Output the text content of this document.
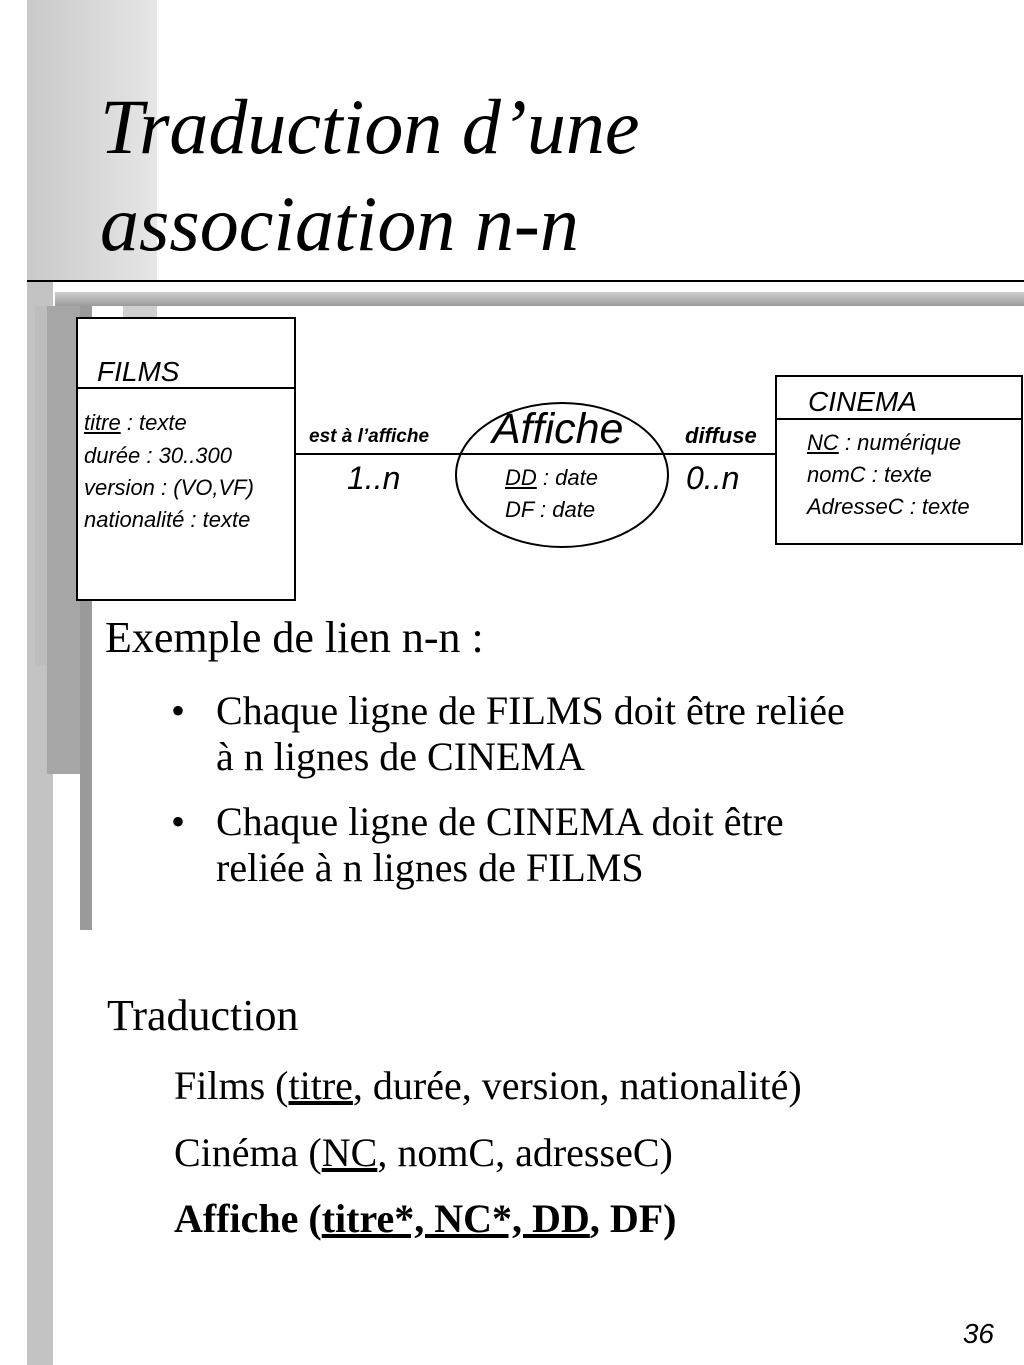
Traduction d’une
association n-n
FILMS
titre : texte
durée : 30..300
version : (VO,VF)
nationalité : texte
est à l’affiche
1..n
diffuse
0..n
Affiche
DD : date
DF : date
CINEMA
NC : numérique
nomC : texte
AdresseC : texte
Exemple de lien n-n :
• Chaque ligne de FILMS doit être reliée
à n lignes de CINEMA
• Chaque ligne de CINEMA doit être
reliée à n lignes de FILMS
Traduction
Films (titre, durée, version, nationalité)
Cinéma (NC, nomC, adresseC)
Affiche (titre*, NC*, DD, DF)
36
